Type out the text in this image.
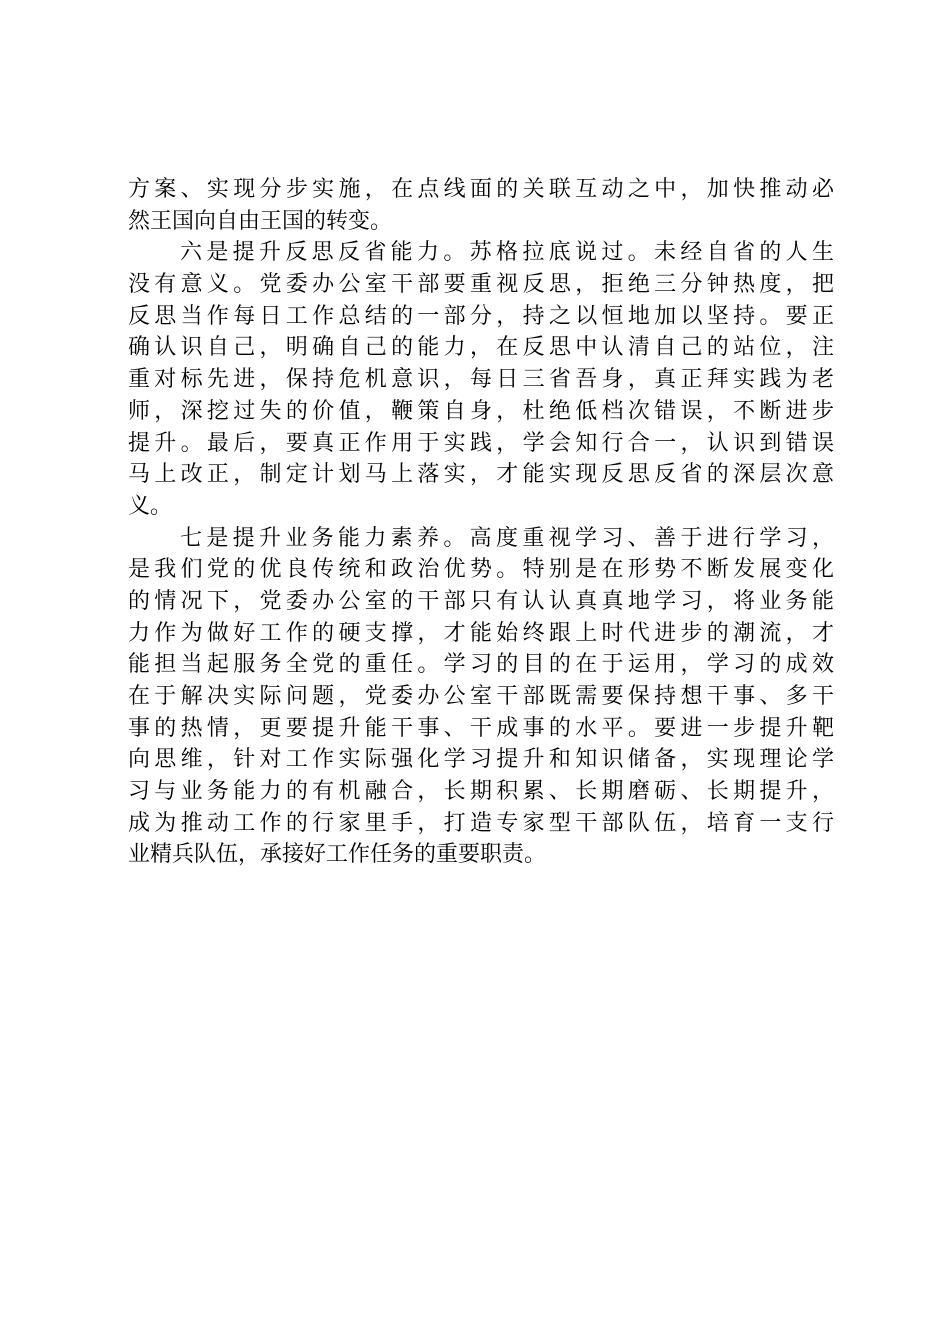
方案、实现分步实施，在点线面的关联互动之中，加快推动必
然王国向自由王国的转变。
六是提升反思反省能力。苏格拉底说过。未经自省的人生
没有意义。党委办公室干部要重视反思，拒绝三分钟热度，把
反思当作每日工作总结的一部分，持之以恒地加以坚持。要正
确认识自己，明确自己的能力，在反思中认清自己的站位，注
重对标先进，保持危机意识，每日三省吾身，真正拜实践为老
师，深挖过失的价值，鞭策自身，杜绝低档次错误，不断进步
提升。最后，要真正作用于实践，学会知行合一，认识到错误
马上改正，制定计划马上落实，才能实现反思反省的深层次意
义。
七是提升业务能力素养。高度重视学习、善于进行学习，
是我们党的优良传统和政治优势。特别是在形势不断发展变化
的情况下，党委办公室的干部只有认认真真地学习，将业务能
力作为做好工作的硬支撑，才能始终跟上时代进步的潮流，才
能担当起服务全党的重任。学习的目的在于运用，学习的成效
在于解决实际问题，党委办公室干部既需要保持想干事、多干
事的热情，更要提升能干事、干成事的水平。要进一步提升靶
向思维，针对工作实际强化学习提升和知识储备，实现理论学
习与业务能力的有机融合，长期积累、长期磨砺、长期提升，
成为推动工作的行家里手，打造专家型干部队伍，培育一支行
业精兵队伍，承接好工作任务的重要职责。
